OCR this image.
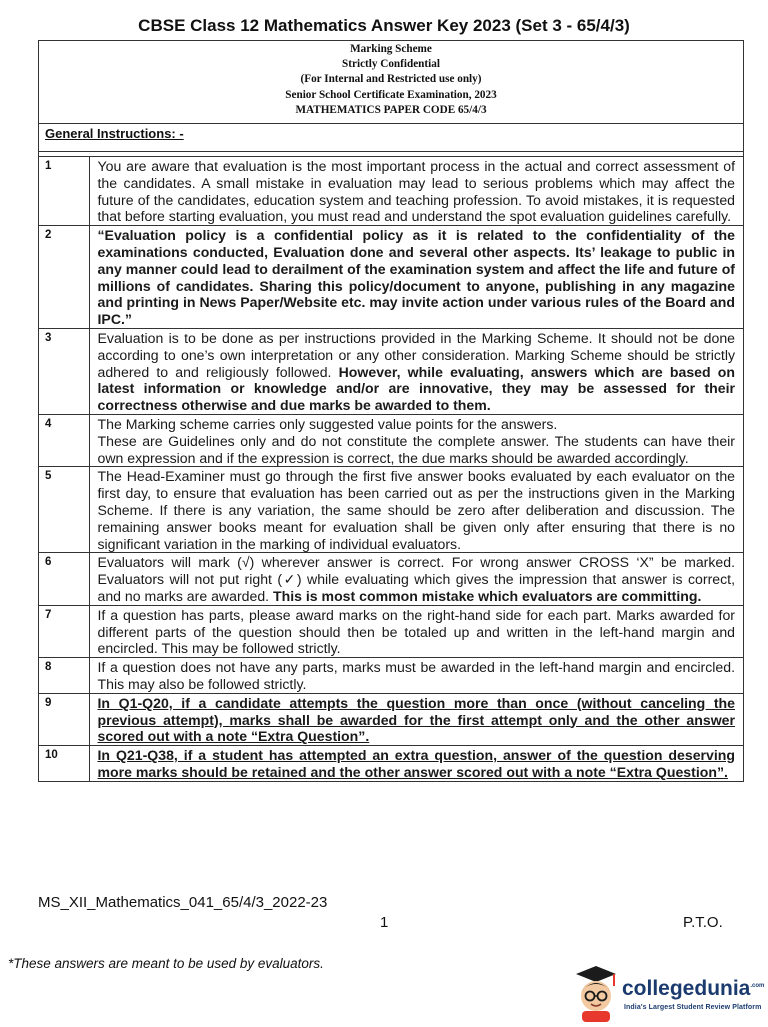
CBSE Class 12 Mathematics Answer Key 2023 (Set 3 - 65/4/3)
Marking Scheme
Strictly Confidential
(For Internal and Restricted use only)
Senior School Certificate Examination, 2023
MATHEMATICS PAPER CODE 65/4/3
General Instructions: -
1	You are aware that evaluation is the most important process in the actual and correct assessment of the candidates. A small mistake in evaluation may lead to serious problems which may affect the future of the candidates, education system and teaching profession. To avoid mistakes, it is requested that before starting evaluation, you must read and understand the spot evaluation guidelines carefully.
2	“Evaluation policy is a confidential policy as it is related to the confidentiality of the examinations conducted, Evaluation done and several other aspects. Its’ leakage to public in any manner could lead to derailment of the examination system and affect the life and future of millions of candidates. Sharing this policy/document to anyone, publishing in any magazine and printing in News Paper/Website etc. may invite action under various rules of the Board and IPC.”
3	Evaluation is to be done as per instructions provided in the Marking Scheme. It should not be done according to one’s own interpretation or any other consideration. Marking Scheme should be strictly adhered to and religiously followed. However, while evaluating, answers which are based on latest information or knowledge and/or are innovative, they may be assessed for their correctness otherwise and due marks be awarded to them.
4	The Marking scheme carries only suggested value points for the answers.
These are Guidelines only and do not constitute the complete answer. The students can have their own expression and if the expression is correct, the due marks should be awarded accordingly.

5	The Head-Examiner must go through the first five answer books evaluated by each evaluator on the first day, to ensure that evaluation has been carried out as per the instructions given in the Marking Scheme. If there is any variation, the same should be zero after deliberation and discussion. The remaining answer books meant for evaluation shall be given only after ensuring that there is no significant variation in the marking of individual evaluators.
6	Evaluators will mark (√) wherever answer is correct. For wrong answer CROSS ‘X” be marked. Evaluators will not put right (✓) while evaluating which gives the impression that answer is correct, and no marks are awarded. This is most common mistake which evaluators are committing.
7	If a question has parts, please award marks on the right-hand side for each part. Marks awarded for different parts of the question should then be totaled up and written in the left-hand margin and encircled. This may be followed strictly.
8	If a question does not have any parts, marks must be awarded in the left-hand margin and encircled. This may also be followed strictly.
9	In Q1-Q20, if a candidate attempts the question more than once (without canceling the previous attempt), marks shall be awarded for the first attempt only and the other answer scored out with a note “Extra Question”.
10	In Q21-Q38, if a student has attempted an extra question, answer of the question deserving more marks should be retained and the other answer scored out with a note “Extra Question”.
MS_XII_Mathematics_041_65/4/3_2022-23
1	P.T.O.
*These answers are meant to be used by evaluators.
collegedunia$^{.com}$
India's Largest Student Review Platform
